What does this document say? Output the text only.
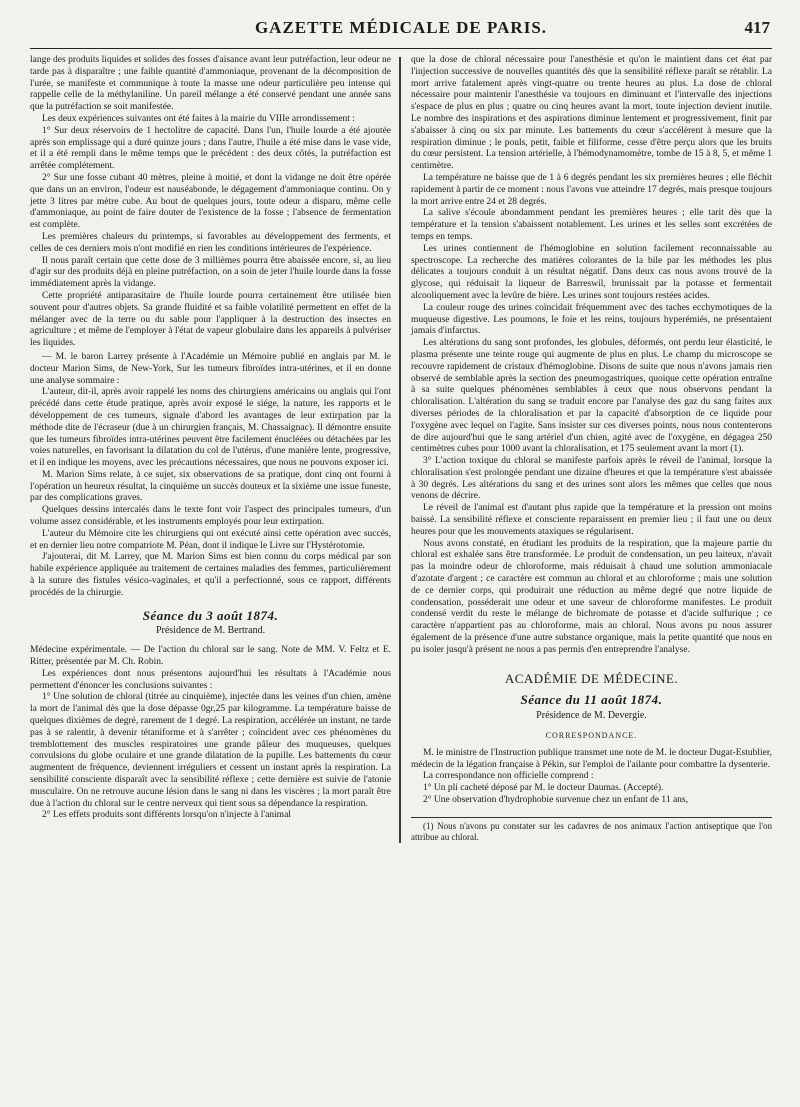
GAZETTE MÉDICALE DE PARIS.	417

lange des produits liquides et solides des fosses d'aisance avant leur putréfaction, leur odeur ne tarde pas à disparaître ; une faible quantité d'ammoniaque, provenant de la décomposition de l'urée, se manifeste et communique à toute la masse une odeur particulière peu intense qui rappelle celle de la méthylaniline. Un pareil mélange a été conservé pendant une année sans que la putréfaction se soit manifestée.

Les deux expériences suivantes ont été faites à la mairie du VIIIe arrondissement :

1° Sur deux réservoirs de 1 hectolitre de capacité. Dans l'un, l'huile lourde a été ajoutée après son emplissage qui a duré quinze jours ; dans l'autre, l'huile a été mise dans le vase vide, et il a été rempli dans le même temps que le précédent : des deux côtés, la putréfaction est arrêtée complétement.

2° Sur une fosse cubant 40 mètres, pleine à moitié, et dont la vidange ne doit être opérée que dans un an environ, l'odeur est nauséabonde, le dégagement d'ammoniaque continu. On y jette 3 litres par mètre cube. Au bout de quelques jours, toute odeur a disparu, même celle d'ammoniaque, au point de faire douter de l'existence de la fosse ; l'absence de fermentation est complète.

Les premières chaleurs du printemps, si favorables au développement des ferments, et celles de ces derniers mois n'ont modifié en rien les conditions intérieures de l'expérience.

Il nous paraît certain que cette dose de 3 millièmes pourra être abaissée encore, si, au lieu d'agir sur des produits déjà en pleine putréfaction, on a soin de jeter l'huile lourde dans la fosse immédiatement après la vidange.

Cette propriété antiparasitaire de l'huile lourde pourra certainement être utilisée bien souvent pour d'autres objets. Sa grande fluidité et sa faible volatilité permettent en effet de la mélanger avec de la terre ou du sable pour l'appliquer à la destruction des insectes en agriculture ; et même de l'employer à l'état de vapeur globulaire dans les appareils à pulvériser les liquides.

— M. le baron Larrey présente à l'Académie un Mémoire publié en anglais par M. le docteur Marion Sims, de New-York, Sur les tumeurs fibroïdes intra-utérines, et il en donne une analyse sommaire :

L'auteur, dit-il, après avoir rappelé les noms des chirurgiens américains ou anglais qui l'ont précédé dans cette étude pratique, après avoir exposé le siége, la nature, les rapports et le développement de ces tumeurs, signale d'abord les avantages de leur extirpation par la méthode dite de l'écraseur (due à un chirurgien français, M. Chassaignac). Il démontre ensuite que les tumeurs fibroïdes intra-utérines peuvent être facilement énucléées ou détachées par les voies naturelles, en favorisant la dilatation du col de l'utérus, d'une manière lente, progressive, et il en indique les moyens, avec les précautions nécessaires, que nous ne pouvons exposer ici.

M. Marion Sims relate, à ce sujet, six observations de sa pratique, dont cinq ont fourni à l'opération un heureux résultat, la cinquième un succès douteux et la sixième une issue funeste, par des complications graves.

Quelques dessins intercalés dans le texte font voir l'aspect des principales tumeurs, d'un volume assez considérable, et les instruments employés pour leur extirpation.

L'auteur du Mémoire cite les chirurgiens qui ont exécuté ainsi cette opération avec succès, et en dernier lieu notre compatriote M. Péan, dont il indique le Livre sur l'Hystérotomie.

J'ajouterai, dit M. Larrey, que M. Marion Sims est bien connu du corps médical par son habile expérience appliquée au traitement de certaines maladies des femmes, particulièrement à la suture des fistules vésico-vaginales, et qu'il a perfectionné, sous ce rapport, différents procédés de la chirurgie.

Séance du 3 août 1874.
Présidence de M. Bertrand.

Médecine expérimentale. — De l'action du chloral sur le sang. Note de MM. V. Feltz et E. Ritter, présentée par M. Ch. Robin.

Les expériences dont nous présentons aujourd'hui les résultats à l'Académie nous permettent d'énoncer les conclusions suivantes :

1° Une solution de chloral (titrée au cinquième), injectée dans les veines d'un chien, amène la mort de l'animal dès que la dose dépasse 0gr,25 par kilogramme. La température baisse de quelques dixièmes de degré, rarement de 1 degré. La respiration, accélérée un instant, ne tarde pas à se ralentir, à devenir tétaniforme et à s'arrêter ; coïncident avec ces phénomènes du tremblottement des muscles respiratoires une grande pâleur des muqueuses, quelques convulsions du globe oculaire et une grande dilatation de la pupille. Les battements du cœur augmentent de fréquence, deviennent irréguliers et cessent un instant après la respiration. La sensibilité consciente disparaît avec la sensibilité réflexe ; cette dernière est suivie de l'atonie musculaire. On ne retrouve aucune lésion dans le sang ni dans les viscères ; la mort paraît être due à l'action du chloral sur le centre nerveux qui tient sous sa dépendance la respiration.

2° Les effets produits sont différents lorsqu'on n'injecte à l'animal

que la dose de chloral nécessaire pour l'anesthésie et qu'on le maintient dans cet état par l'injection successive de nouvelles quantités dès que la sensibilité réflexe paraît se rétablir. La mort arrive fatalement après vingt-quatre ou trente heures au plus. La dose de chloral nécessaire pour maintenir l'anesthésie va toujours en diminuant et l'intervalle des injections s'espace de plus en plus ; quatre ou cinq heures avant la mort, toute injection devient inutile. Le nombre des inspirations et des aspirations diminue lentement et progressivement, finit par s'abaisser à cinq ou six par minute. Les battements du cœur s'accélèrent à mesure que la respiration diminue ; le pouls, petit, faible et filiforme, cesse d'être perçu alors que les bruits du cœur persistent. La tension artérielle, à l'hémodynamomètre, tombe de 15 à 8, 5, et même 1 centimètre.

La température ne baisse que de 1 à 6 degrés pendant les six premières heures ; elle fléchit rapidement à partir de ce moment : nous l'avons vue atteindre 17 degrés, mais presque toujours la mort arrive entre 24 et 28 degrés.

La salive s'écoule abondamment pendant les premières heures ; elle tarit dès que la température et la tension s'abaissent notablement. Les urines et les selles sont excrétées de temps en temps.

Les urines contiennent de l'hémoglobine en solution facilement reconnaissable au spectroscope. La recherche des matières colorantes de la bile par les méthodes les plus délicates a toujours conduit à un résultat négatif. Dans deux cas nous avons trouvé de la glycose, qui réduisait la liqueur de Barreswil, brunissait par la potasse et fermentait alcooliquement avec la levûre de bière. Les urines sont toujours restées acides.

La couleur rouge des urines coïncidait fréquemment avec des taches ecchymotiques de la muqueuse digestive. Les poumons, le foie et les reins, toujours hyperémiés, ne présentaient jamais d'infarctus.

Les altérations du sang sont profondes, les globules, déformés, ont perdu leur élasticité, le plasma présente une teinte rouge qui augmente de plus en plus. Le champ du microscope se recouvre rapidement de cristaux d'hémoglobine. Disons de suite que nous n'avons jamais rien observé de semblable après la section des pneumogastriques, quoique cette opération entraîne à sa suite quelques phénomènes semblables à ceux que nous observons pendant la chloralisation. L'altération du sang se traduit encore par l'analyse des gaz du sang faites aux diverses périodes de la chloralisation et par la capacité d'absorption de ce liquide pour l'oxygène avec lequel on l'agite. Sans insister sur ces diverses points, nous nous contenterons de dire aujourd'hui que le sang artériel d'un chien, agité avec de l'oxygène, en dégagea 250 centimètres cubes pour 1000 avant la chloralisation, et 175 seulement avant la mort (1).

3° L'action toxique du chloral se manifeste parfois après le réveil de l'animal, lorsque la chloralisation s'est prolongée pendant une dizaine d'heures et que la température s'est abaissée à 30 degrés. Les altérations du sang et des urines sont alors les mêmes que celles que nous venons de décrire.

Le réveil de l'animal est d'autant plus rapide que la température et la pression ont moins baissé. La sensibilité réflexe et consciente reparaissent en premier lieu ; il faut une ou deux heures pour que les mouvements ataxiques se régularisent.

Nous avons constaté, en étudiant les produits de la respiration, que la majeure partie du chloral est exhalée sans être transformée. Le produit de condensation, un peu laiteux, n'avait pas la moindre odeur de chloroforme, mais réduisait à chaud une solution ammoniacale d'azotate d'argent ; ce caractère est commun au chloral et au chloroforme ; mais une solution de ce dernier corps, qui produirait une réduction au même degré que notre liquide de condensation, posséderait une odeur et une saveur de chloroforme manifestes. Le produit condensé verdit du reste le mélange de bichromate de potasse et d'acide sulfurique ; ce caractère n'appartient pas au chloroforme, mais au chloral. Nous avons pu nous assurer également de la présence d'une autre substance organique, mais la petite quantité que nous en pu isoler jusqu'à présent ne nous a pas permis d'en entreprendre l'analyse.

ACADÉMIE DE MÉDECINE.
Séance du 11 août 1874.
Présidence de M. Devergie.
CORRESPONDANCE.

M. le ministre de l'Instruction publique transmet une note de M. le docteur Dugat-Estublier, médecin de la légation française à Pékin, sur l'emploi de l'ailante pour combattre la dysenterie.

La correspondance non officielle comprend :

1° Un pli cacheté déposé par M. le docteur Daumas. (Accepté).

2° Une observation d'hydrophobie survenue chez un enfant de 11 ans,

(1) Nous n'avons pu constater sur les cadavres de nos animaux l'action antiseptique que l'on attribue au chloral.
